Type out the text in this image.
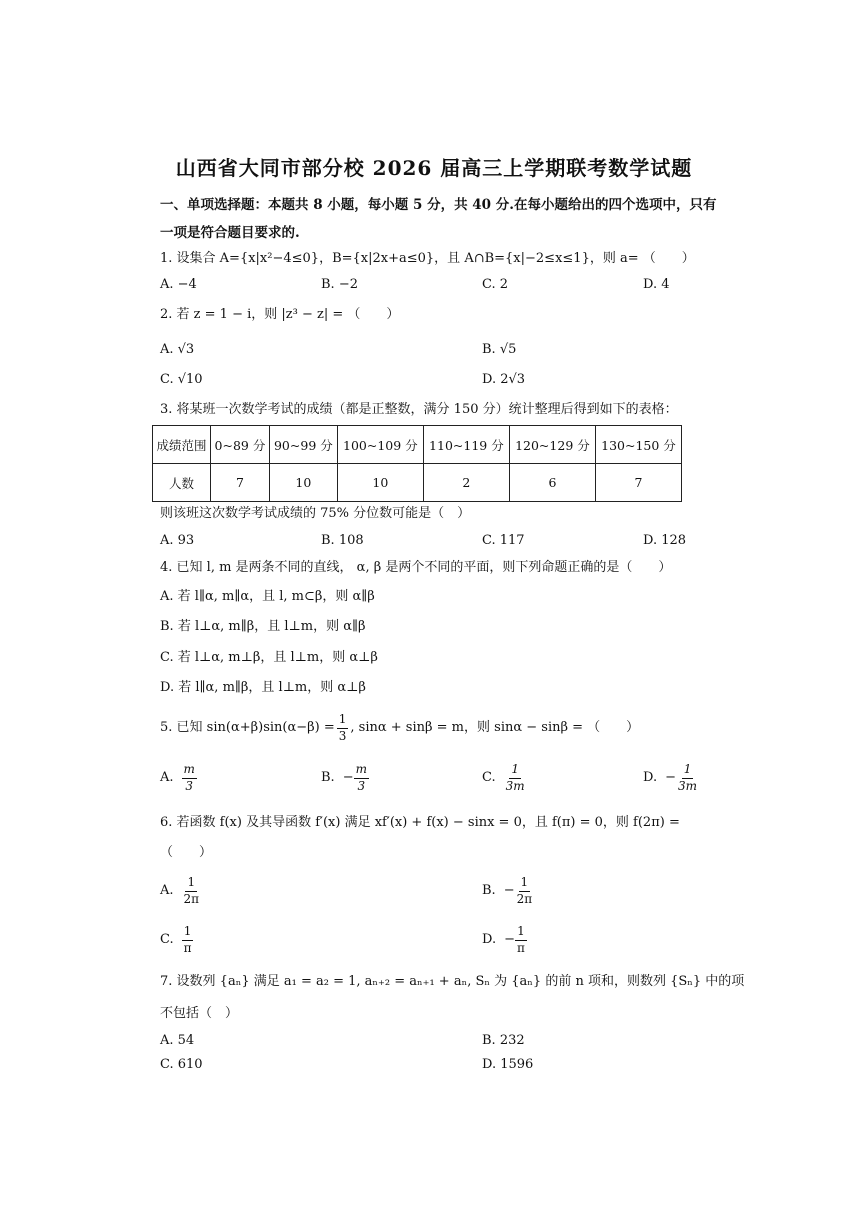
山西省大同市部分校 2026 届高三上学期联考数学试题
一、单项选择题：本题共 8 小题，每小题 5 分，共 40 分.在每小题给出的四个选项中，只有
一项是符合题目要求的.
1. 设集合 A={x|x²−4≤0}，B={x|2x+a≤0}，且 A∩B={x|−2≤x≤1}，则 a= （　　）
A. −4	B. −2	C. 2	D. 4
2. 若 z = 1 − i，则 |z³ − z| = （　　）
A. √3	B. √5
C. √10	D. 2√3
3. 将某班一次数学考试的成绩（都是正整数，满分 150 分）统计整理后得到如下的表格：
成绩范围	0~89 分	90~99 分	100~109 分	110~119 分	120~129 分	130~150 分
人数	7	10	10	2	6	7
则该班这次数学考试成绩的 75% 分位数可能是（　）
A. 93	B. 108	C. 117	D. 128
4. 已知 l, m 是两条不同的直线， α, β 是两个不同的平面，则下列命题正确的是（　　）
A. 若 l∥α, m∥α，且 l, m⊂β，则 α∥β
B. 若 l⊥α, m∥β，且 l⊥m，则 α∥β
C. 若 l⊥α, m⊥β，且 l⊥m，则 α⊥β
D. 若 l∥α, m∥β，且 l⊥m，则 α⊥β
5. 已知 $\sin(\alpha+\beta)\sin(\alpha-\beta) = \frac{1}{3}$ , sinα + sinβ = m，则 sinα − sinβ = （　　）
A. $\frac{m}{3}$	B. − $\frac{m}{3}$	C. $\frac{1}{3m}$	D. − $\frac{1}{3m}$
6. 若函数 f(x) 及其导函数 f′(x) 满足 xf′(x) + f(x) − sinx = 0，且 f(π) = 0，则 f(2π) =
（　　）
A. $\frac{1}{2\pi}$	B. − $\frac{1}{2\pi}$
C. $\frac{1}{\pi}$	D. − $\frac{1}{\pi}$
7. 设数列 {aₙ} 满足 a₁ = a₂ = 1, aₙ₊₂ = aₙ₊₁ + aₙ, Sₙ 为 {aₙ} 的前 n 项和，则数列 {Sₙ} 中的项
不包括（　）
A. 54	B. 232
C. 610	D. 1596
